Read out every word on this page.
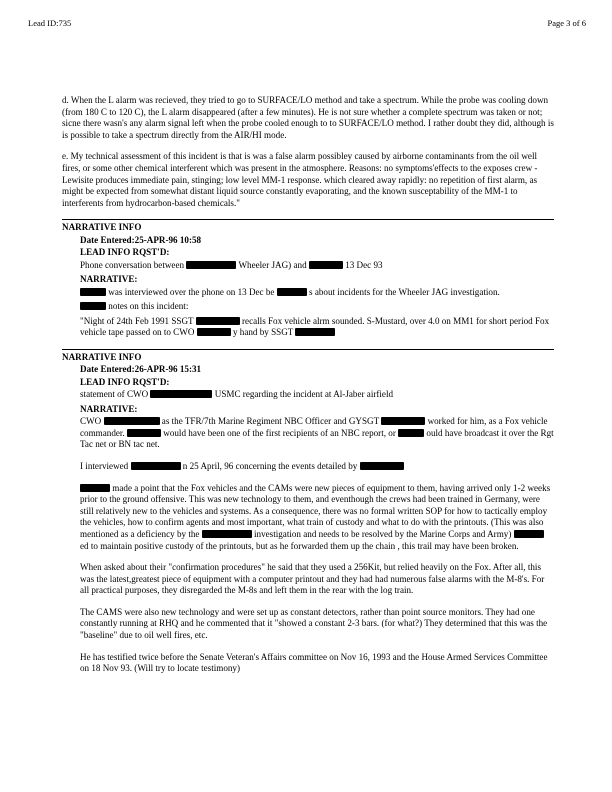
Lead ID:735	Page 3 of 6

d. When the L alarm was recieved, they tried to go to SURFACE/LO method and take a spectrum. While the probe was cooling down (from 180 C to 120 C), the L alarm disappeared (after a few minutes). He is not sure whether a complete spectrum was taken or not; sicne there wasn's any alarm signal left when the probe cooled enough to to SURFACE/LO method. I rather doubt they did, although is is possible to take a spectrum directly from the AIR/HI mode.

e. My technical assessment of this incident is that is was a false alarm possibley caused by airborne contaminants from the oil well fires, or some other chemical interferent which was present in the atmosphere. Reasons: no symptoms'effects to the exposes crew - Lewisite produces immediate pain, stinging; low level MM-1 response. which cleared away rapidly: no repetition of first alarm, as might be expected from somewhat distant liquid source constantly evaporating, and the known susceptability of the MM-1 to interferents from hydrocarbon-based chemicals."

NARRATIVE INFO
Date Entered:25-APR-96 10:58
LEAD INFO RQST'D:

Phone conversation between	Wheeler JAG) and	13 Dec 93

NARRATIVE:

was interviewed over the phone on 13 Dec be	s about incidents for the Wheeler JAG investigation.

notes on this incident:

"Night of 24th Feb 1991 SSGT	recalls Fox vehicle alrm sounded. S-Mustard, over 4.0 on MM1 for short period Fox vehicle tape passed on to CWO	y hand by SSGT

NARRATIVE INFO
Date Entered:26-APR-96 15:31
LEAD INFO RQST'D:

statement of CWO	USMC regarding the incident at Al-Jaber airfield

NARRATIVE:

CWO	as the TFR/7th Marine Regiment NBC Officer and GYSGT	worked for him, as a Fox vehicle commander.	would have been one of the first recipients of an NBC report, or	ould have broadcast it over the Rgt Tac net or BN tac net.

I interviewed	n 25 April, 96 concerning the events detailed by

made a point that the Fox vehicles and the CAMs were new pieces of equipment to them, having arrived only 1-2 weeks prior to the ground offensive. This was new technology to them, and eventhough the crews had been trained in Germany, were still relatively new to the vehicles and systems. As a consequence, there was no formal written SOP for how to tactically employ the vehicles, how to confirm agents and most important, what train of custody and what to do with the printouts. (This was also mentioned as a deficiency by the	investigation and needs to be resolved by the Marine Corps and Army)  ed to maintain positive custody of the printouts, but as he forwarded them up the chain , this trail may have been broken.

When asked about their "confirmation procedures" he said that they used a 256Kit, but relied heavily on the Fox. After all, this was the latest,greatest piece of equipment with a computer printout and they had had numerous false alarms with the M-8's. For all practical purposes, they disregarded the M-8s and left them in the rear with the log train.

The CAMS were also new technology and were set up as constant detectors, rather than point source monitors. They had one constantly running at RHQ and he commented that it "showed a constant 2-3 bars. (for what?) They determined that this was the "baseline" due to oil well fires, etc.

He has testified twice before the Senate Veteran's Affairs committee on Nov 16, 1993 and the House Armed Services Committee on 18 Nov 93. (Will try to locate testimony)
